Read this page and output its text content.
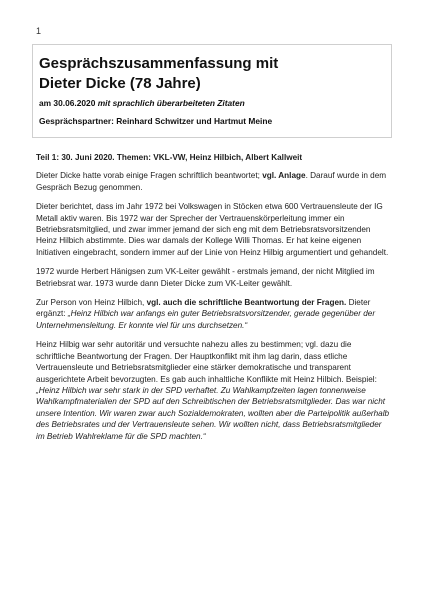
1
Gesprächszusammenfassung mit
Dieter Dicke (78 Jahre)
am 30.06.2020 mit sprachlich überarbeiteten Zitaten
Gesprächspartner: Reinhard Schwitzer und Hartmut Meine

Teil 1: 30. Juni 2020. Themen: VKL-VW, Heinz Hilbich, Albert Kallweit

Dieter Dicke hatte vorab einige Fragen schriftlich beantwortet; vgl. Anlage. Darauf wurde in dem Gespräch Bezug genommen.

Dieter berichtet, dass im Jahr 1972 bei Volkswagen in Stöcken etwa 600 Vertrauensleute der IG Metall aktiv waren. Bis 1972 war der Sprecher der Vertrauenskörperleitung immer ein Betriebsratsmitglied, und zwar immer jemand der sich eng mit dem Betriebsratsvorsitzenden Heinz Hilbich abstimmte. Dies war damals der Kollege Willi Thomas. Er hat keine eigenen Initiativen eingebracht, sondern immer auf der Linie von Heinz Hilbig argumentiert und gehandelt.

1972 wurde Herbert Hänigsen zum VK-Leiter gewählt - erstmals jemand, der nicht Mitglied im Betriebsrat war. 1973 wurde dann Dieter Dicke zum VK-Leiter gewählt.

Zur Person von Heinz Hilbich, vgl. auch die schriftliche Beantwortung der Fragen. Dieter ergänzt: „Heinz Hilbich war anfangs ein guter Betriebsratsvorsitzender, gerade gegenüber der Unternehmensleitung. Er konnte viel für uns durchsetzen.“

Heinz Hilbig war sehr autoritär und versuchte nahezu alles zu bestimmen; vgl. dazu die schriftliche Beantwortung der Fragen. Der Hauptkonflikt mit ihm lag darin, dass etliche Vertrauensleute und Betriebsratsmitglieder eine stärker demokratische und transparent ausgerichtete Arbeit bevorzugten. Es gab auch inhaltliche Konflikte mit Heinz Hilbich. Beispiel: „Heinz Hilbich war sehr stark in der SPD verhaftet. Zu Wahlkampfzeiten lagen tonnenweise Wahlkampfmaterialien der SPD auf den Schreibtischen der Betriebsratsmitglieder. Das war nicht unsere Intention. Wir waren zwar auch Sozialdemokraten, wollten aber die Parteipolitik außerhalb des Betriebsrates und der Vertrauensleute sehen. Wir wollten nicht, dass Betriebsratsmitglieder im Betrieb Wahlreklame für die SPD machten.“
